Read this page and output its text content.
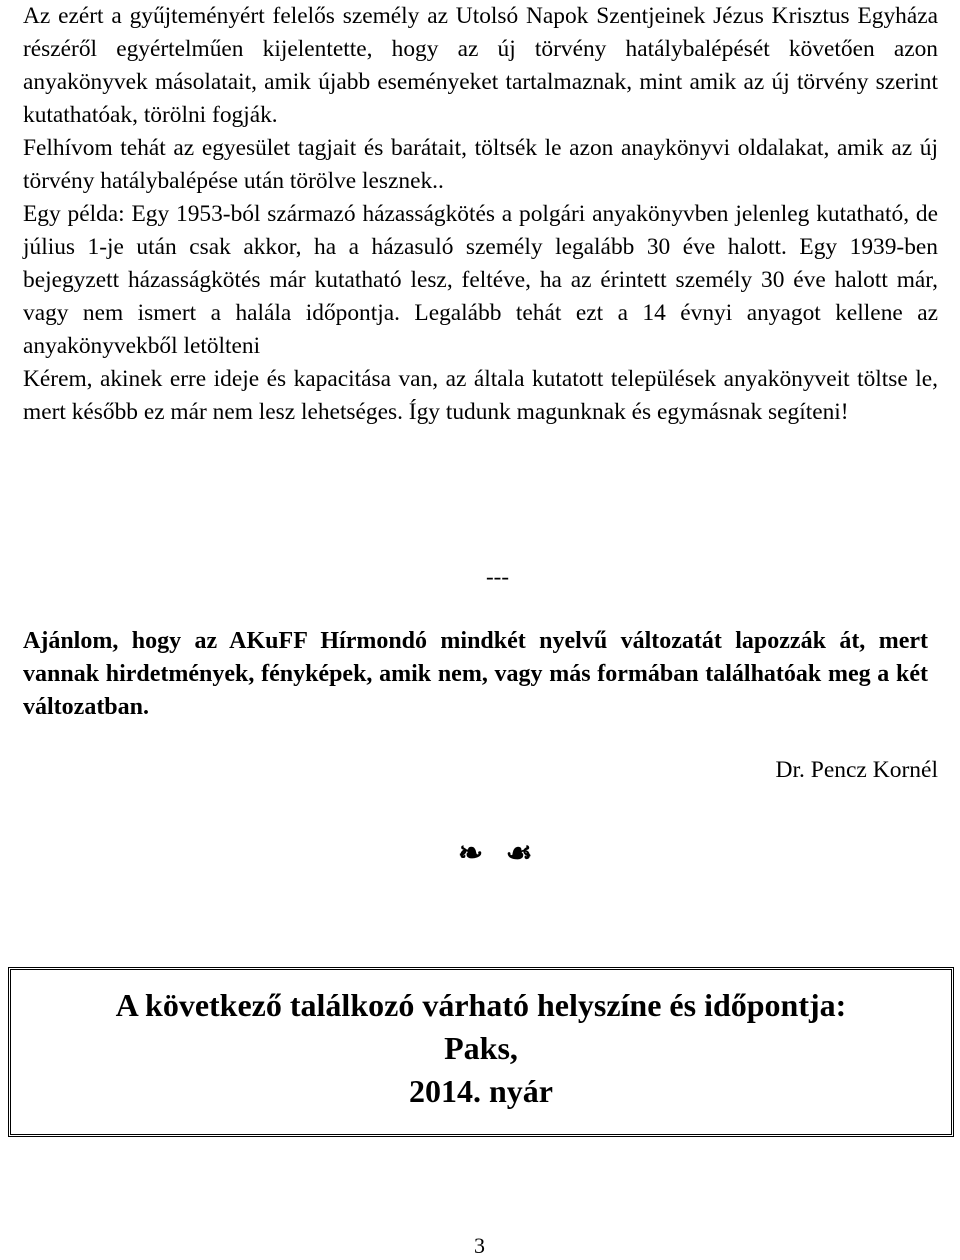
Az ezért a gyűjteményért felelős személy az Utolsó Napok Szentjeinek Jézus Krisztus Egyháza részéről egyértelműen kijelentette, hogy az új törvény hatálybalépését követően azon anyakönyvek másolatait, amik újabb eseményeket tartalmaznak, mint amik az új törvény szerint kutathatóak, törölni fogják.

Felhívom tehát az egyesület tagjait és barátait, töltsék le azon anaykönyvi oldalakat, amik az új törvény hatálybalépése után törölve lesznek..

Egy példa: Egy 1953-ból származó házasságkötés a polgári anyakönyvben jelenleg kutatható, de július 1-je után csak akkor, ha a házasuló személy legalább 30 éve halott. Egy 1939-ben bejegyzett házasságkötés már kutatható lesz, feltéve, ha az érintett személy 30 éve halott már, vagy nem ismert a halála időpontja. Legalább tehát ezt a 14 évnyi anyagot kellene az anyakönyvekből letölteni

Kérem, akinek erre ideje és kapacitása van, az általa kutatott települések anyakönyveit töltse le, mert később ez már nem lesz lehetséges. Így tudunk magunknak és egymásnak segíteni!

---

Ajánlom, hogy az AKuFF Hírmondó mindkét nyelvű változatát lapozzák át, mert vannak hirdetmények, fényképek, amik nem, vagy más formában találhatóak meg a két változatban.

Dr. Pencz Kornél
❧ ☙
A következő találkozó várható helyszíne és időpontja:
Paks,
2014. nyár
3
